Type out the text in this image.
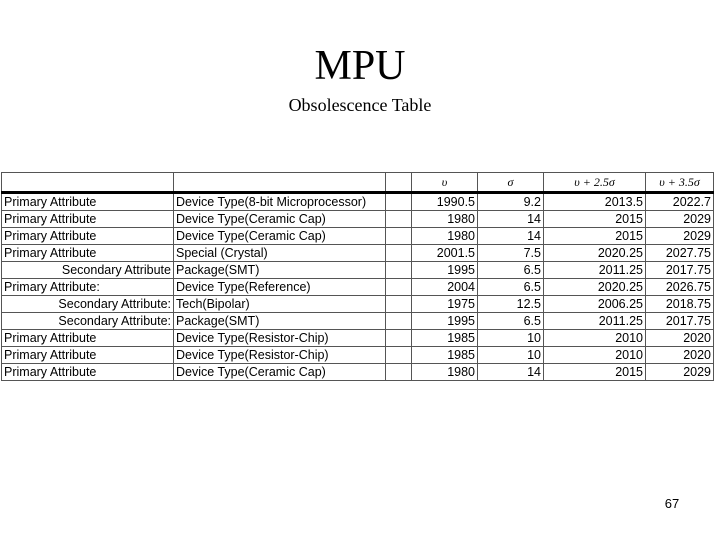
MPU
Obsolescence Table
			υ	σ	υ + 2.5σ	υ + 3.5σ
Primary Attribute	Device Type(8-bit Microprocessor)		1990.5	9.2	2013.5	2022.7
Primary Attribute	Device Type(Ceramic Cap)		1980	14	2015	2029
Primary Attribute	Device Type(Ceramic Cap)		1980	14	2015	2029
Primary Attribute	Special (Crystal)		2001.5	7.5	2020.25	2027.75
Secondary Attribute	Package(SMT)		1995	6.5	2011.25	2017.75
Primary Attribute:	Device Type(Reference)		2004	6.5	2020.25	2026.75
Secondary Attribute:	Tech(Bipolar)		1975	12.5	2006.25	2018.75
Secondary Attribute:	Package(SMT)		1995	6.5	2011.25	2017.75
Primary Attribute	Device Type(Resistor-Chip)		1985	10	2010	2020
Primary Attribute	Device Type(Resistor-Chip)		1985	10	2010	2020
Primary Attribute	Device Type(Ceramic Cap)		1980	14	2015	2029
67
